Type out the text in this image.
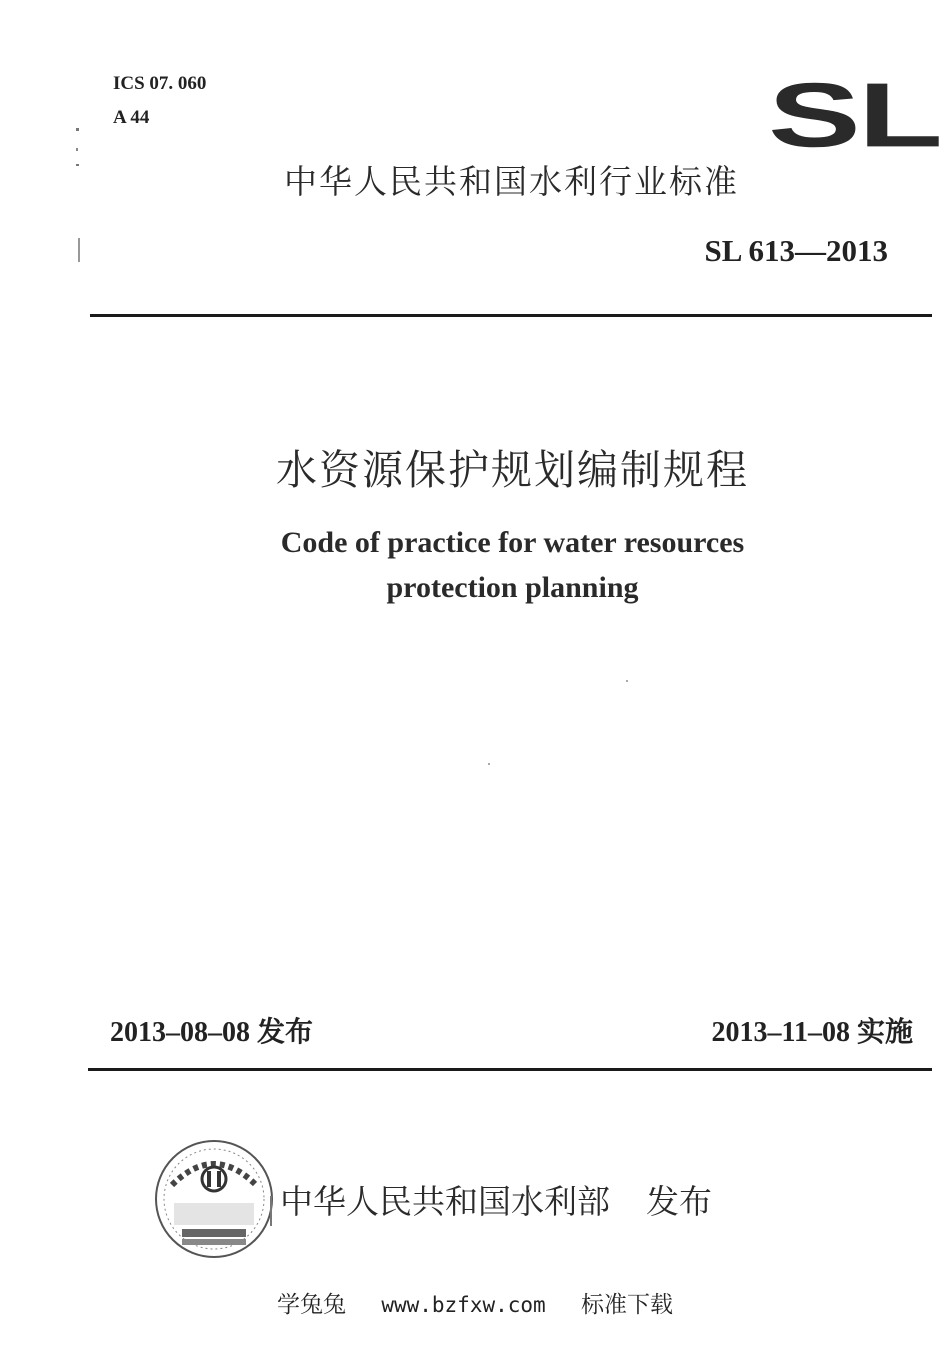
ICS 07. 060
A 44	SL
中华人民共和国水利行业标准
SL 613—2013
水资源保护规划编制规程
Code of practice for water resources
protection planning
2013–08–08 发布	2013–11–08 实施
中华人民共和国水利部 发布
学兔兔 www.bzfxw.com 标准下载
